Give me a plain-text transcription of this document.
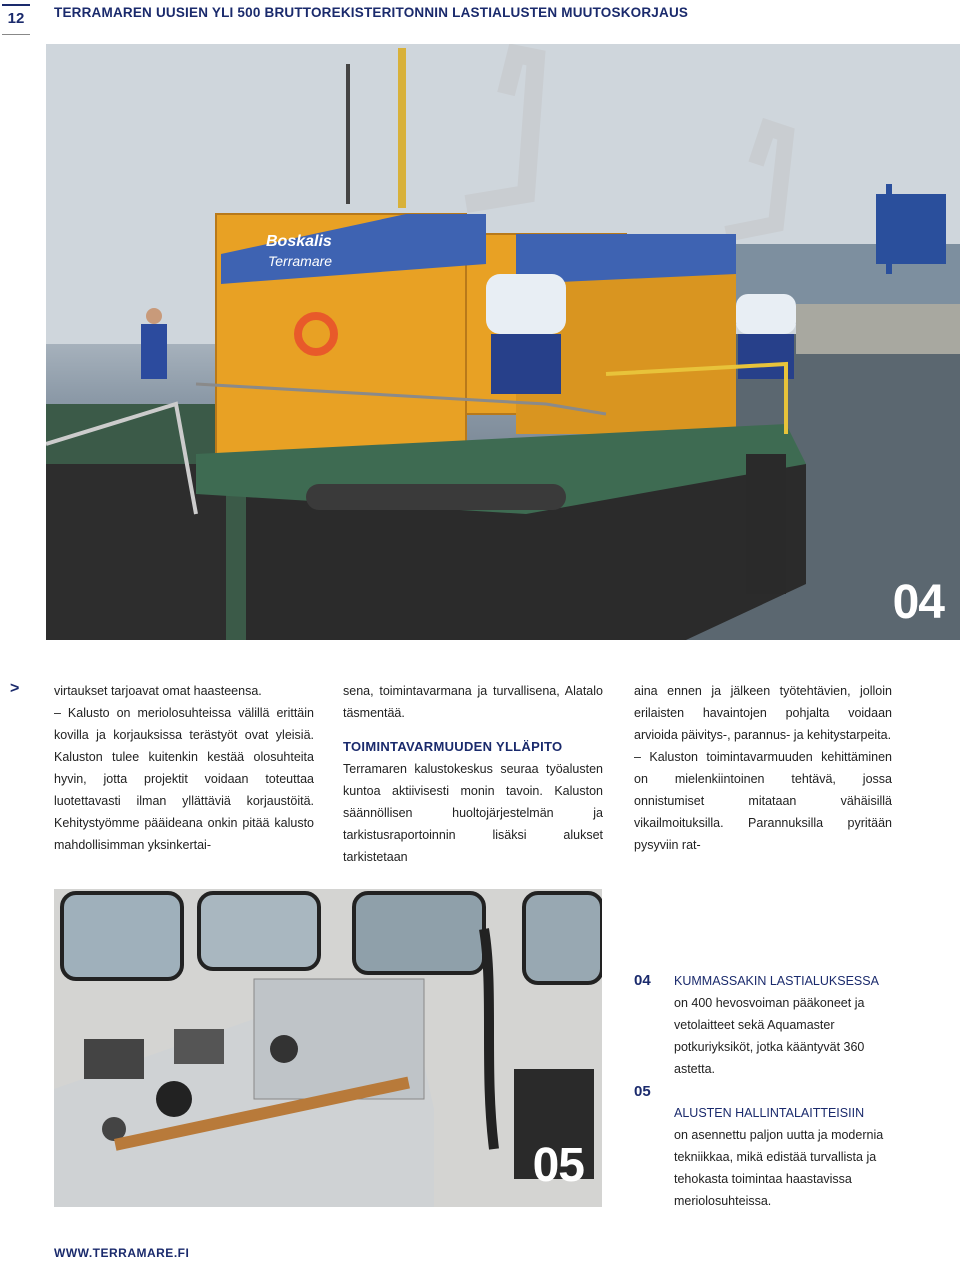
12	TERRAMAREN UUSIEN YLI 500 BRUTTOREKISTERITONNIN LASTIALUSTEN MUUTOSKORJAUS
Boskalis
Terramare
04
>	virtaukset tarjoavat omat haasteensa.

– Kalusto on meriolosuhteissa välillä erittäin kovilla ja korjauksissa terästyöt ovat yleisiä. Kaluston tulee kuitenkin kestää olosuhteita hyvin, jotta projektit voidaan toteuttaa luotettavasti ilman yllättäviä korjaustöitä. Kehitystyömme pääideana onkin pitää kalusto mahdollisimman yksinkertai-

sena, toimintavarmana ja turvallisena, Alatalo täsmentää.

TOIMINTAVARMUUDEN YLLÄPITO

Terramaren kalustokeskus seuraa työalusten kuntoa aktiivisesti monin tavoin. Kaluston säännöllisen huoltojärjestelmän ja tarkistusraportoinnin lisäksi alukset tarkistetaan

aina ennen ja jälkeen työtehtävien, jolloin erilaisten havaintojen pohjalta voidaan arvioida päivitys-, parannus- ja kehitystarpeita.

– Kaluston toimintavarmuuden kehittäminen on mielenkiintoinen tehtävä, jossa onnistumiset mitataan vähäisillä vikailmoituksilla. Parannuksilla pyritään pysyviin rat-

05
04 KUMMASSAKIN LASTIALUKSESSA
on 400 hevosvoiman pääkoneet ja vetolaitteet sekä Aquamaster potkuriyksiköt, jotka kääntyvät 360 astetta.
05
ALUSTEN HALLINTALAITTEISIIN
on asennettu paljon uutta ja modernia tekniikkaa, mikä edistää turvallista ja tehokasta toimintaa haastavissa meriolosuhteissa.
WWW.TERRAMARE.FI
